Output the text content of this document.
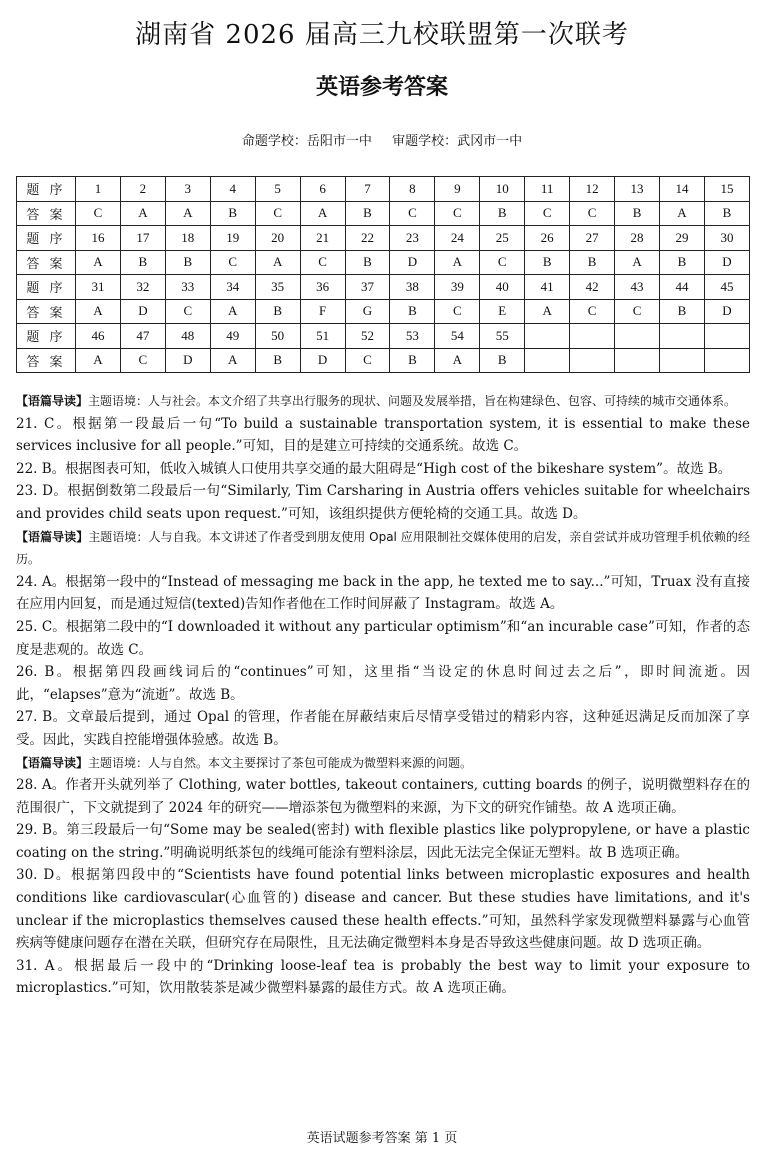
湖南省 2026 届高三九校联盟第一次联考
英语参考答案
命题学校：岳阳市一中 审题学校：武冈市一中
题 序	1	2	3	4	5	6	7	8	9	10	11	12	13	14	15
答 案	C	A	A	B	C	A	B	C	C	B	C	C	B	A	B
题 序	16	17	18	19	20	21	22	23	24	25	26	27	28	29	30
答 案	A	B	B	C	A	C	B	D	A	C	B	B	A	B	D
题 序	31	32	33	34	35	36	37	38	39	40	41	42	43	44	45
答 案	A	D	C	A	B	F	G	B	C	E	A	C	C	B	D
题 序	46	47	48	49	50	51	52	53	54	55					
答 案	A	C	D	A	B	D	C	B	A	B					

【语篇导读】主题语境：人与社会。本文介绍了共享出行服务的现状、问题及发展举措，旨在构建绿色、包容、可持续的城市交通体系。

21. C。根据第一段最后一句“To build a sustainable transportation system, it is essential to make these services inclusive for all people.”可知，目的是建立可持续的交通系统。故选 C。

22. B。根据图表可知，低收入城镇人口使用共享交通的最大阻碍是“High cost of the bikeshare system”。故选 B。

23. D。根据倒数第二段最后一句“Similarly, Tim Carsharing in Austria offers vehicles suitable for wheelchairs and provides child seats upon request.”可知，该组织提供方便轮椅的交通工具。故选 D。

【语篇导读】主题语境：人与自我。本文讲述了作者受到朋友使用 Opal 应用限制社交媒体使用的启发，亲自尝试并成功管理手机依赖的经历。

24. A。根据第一段中的“Instead of messaging me back in the app, he texted me to say...”可知，Truax 没有直接在应用内回复，而是通过短信(texted)告知作者他在工作时间屏蔽了 Instagram。故选 A。

25. C。根据第二段中的“I downloaded it without any particular optimism”和“an incurable case”可知，作者的态度是悲观的。故选 C。

26. B。根据第四段画线词后的“continues”可知，这里指“当设定的休息时间过去之后”，即时间流逝。因此，“elapses”意为“流逝”。故选 B。

27. B。文章最后提到，通过 Opal 的管理，作者能在屏蔽结束后尽情享受错过的精彩内容，这种延迟满足反而加深了享受。因此，实践自控能增强体验感。故选 B。

【语篇导读】主题语境：人与自然。本文主要探讨了茶包可能成为微塑料来源的问题。

28. A。作者开头就列举了 Clothing, water bottles, takeout containers, cutting boards 的例子，说明微塑料存在的范围很广，下文就提到了 2024 年的研究——增添茶包为微塑料的来源，为下文的研究作铺垫。故 A 选项正确。

29. B。第三段最后一句“Some may be sealed(密封) with flexible plastics like polypropylene, or have a plastic coating on the string.”明确说明纸茶包的线绳可能涂有塑料涂层，因此无法完全保证无塑料。故 B 选项正确。

30. D。根据第四段中的“Scientists have found potential links between microplastic exposures and health conditions like cardiovascular(心血管的) disease and cancer. But these studies have limitations, and it's unclear if the microplastics themselves caused these health effects.”可知，虽然科学家发现微塑料暴露与心血管疾病等健康问题存在潜在关联，但研究存在局限性，且无法确定微塑料本身是否导致这些健康问题。故 D 选项正确。

31. A。根据最后一段中的“Drinking loose-leaf tea is probably the best way to limit your exposure to microplastics.”可知，饮用散装茶是减少微塑料暴露的最佳方式。故 A 选项正确。

英语试题参考答案 第 1 页
